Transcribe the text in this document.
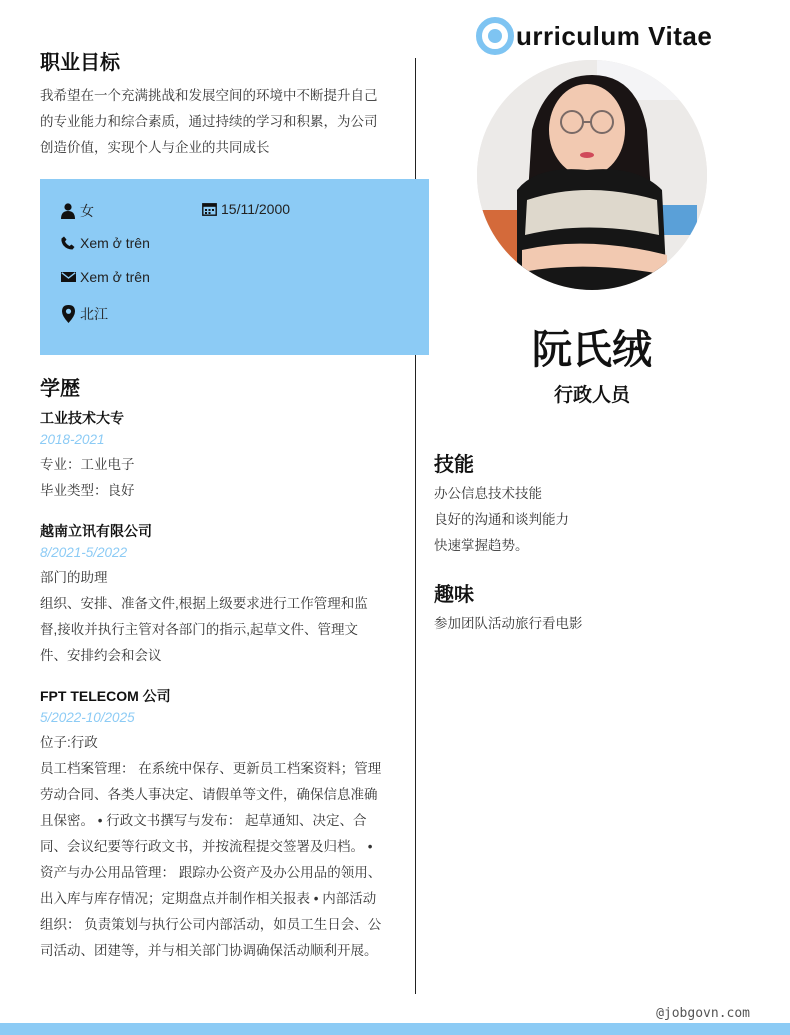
urriculum Vitae
职业目标
我希望在一个充满挑战和发展空间的环境中不断提升自己
的专业能力和综合素质，通过持续的学习和积累，为公司
创造价值，实现个人与企业的共同成长
女	15/11/2000
Xem ở trên
Xem ở trên
北江
学歴
工业技术大专
2018-2021
专业：工业电子
毕业类型：良好
越南立讯有限公司
8/2021-5/2022
部门的助理
组织、安排、准备文件,根据上级要求进行工作管理和监
督,接收并执行主管对各部门的指示,起草文件、管理文
件、安排约会和会议
FPT TELECOM 公司
5/2022-10/2025
位子:行政
员工档案管理： 在系统中保存、更新员工档案资料；管理
劳动合同、各类人事决定、请假单等文件，确保信息准确
且保密。 • 行政文书撰写与发布： 起草通知、决定、合
同、会议纪要等行政文书，并按流程提交签署及归档。 •
资产与办公用品管理： 跟踪办公资产及办公用品的领用、
出入库与库存情况；定期盘点并制作相关报表 • 内部活动
组织： 负责策划与执行公司内部活动，如员工生日会、公
司活动、团建等，并与相关部门协调确保活动顺利开展。
阮氏绒
行政人员
技能
办公信息技术技能
良好的沟通和谈判能力
快速掌握趋势。
趣味
参加团队活动旅行看电影
@jobgovn.com
